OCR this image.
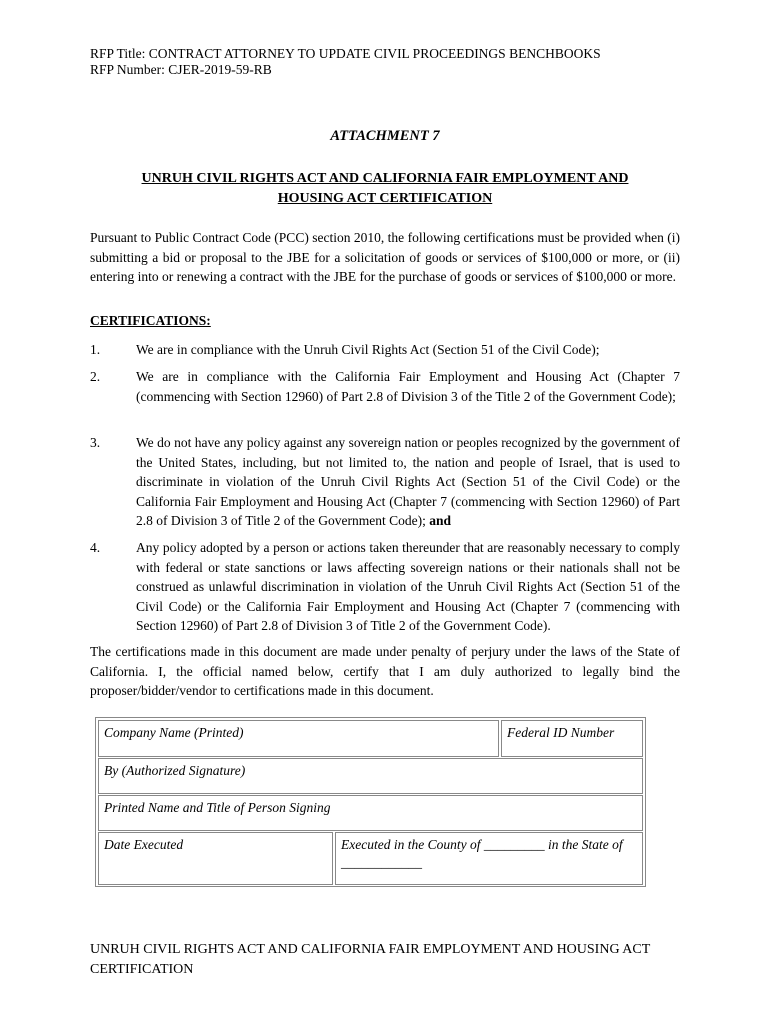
RFP Title: CONTRACT ATTORNEY TO UPDATE CIVIL PROCEEDINGS BENCHBOOKS
RFP Number: CJER-2019-59-RB
ATTACHMENT 7
UNRUH CIVIL RIGHTS ACT AND CALIFORNIA FAIR EMPLOYMENT AND
HOUSING ACT CERTIFICATION
Pursuant to Public Contract Code (PCC) section 2010, the following certifications must be provided when (i) submitting a bid or proposal to the JBE for a solicitation of goods or services of $100,000 or more, or (ii) entering into or renewing a contract with the JBE for the purchase of goods or services of $100,000 or more.
CERTIFICATIONS:
1.	We are in compliance with the Unruh Civil Rights Act (Section 51 of the Civil Code);
2.	We are in compliance with the California Fair Employment and Housing Act (Chapter 7 (commencing with Section 12960) of Part 2.8 of Division 3 of the Title 2 of the Government Code);
3.	We do not have any policy against any sovereign nation or peoples recognized by the government of the United States, including, but not limited to, the nation and people of Israel, that is used to discriminate in violation of the Unruh Civil Rights Act (Section 51 of the Civil Code) or the California Fair Employment and Housing Act (Chapter 7 (commencing with Section 12960) of Part 2.8 of Division 3 of Title 2 of the Government Code); and
4.	Any policy adopted by a person or actions taken thereunder that are reasonably necessary to comply with federal or state sanctions or laws affecting sovereign nations or their nationals shall not be construed as unlawful discrimination in violation of the Unruh Civil Rights Act (Section 51 of the Civil Code) or the California Fair Employment and Housing Act (Chapter 7 (commencing with Section 12960) of Part 2.8 of Division 3 of Title 2 of the Government Code).
The certifications made in this document are made under penalty of perjury under the laws of the State of California. I, the official named below, certify that I am duly authorized to legally bind the proposer/bidder/vendor to certifications made in this document.
Company Name (Printed)	Federal ID Number
By (Authorized Signature)
Printed Name and Title of Person Signing
Date Executed	Executed in the County of _________ in the State of ____________
UNRUH CIVIL RIGHTS ACT AND CALIFORNIA FAIR EMPLOYMENT AND HOUSING ACT CERTIFICATION
